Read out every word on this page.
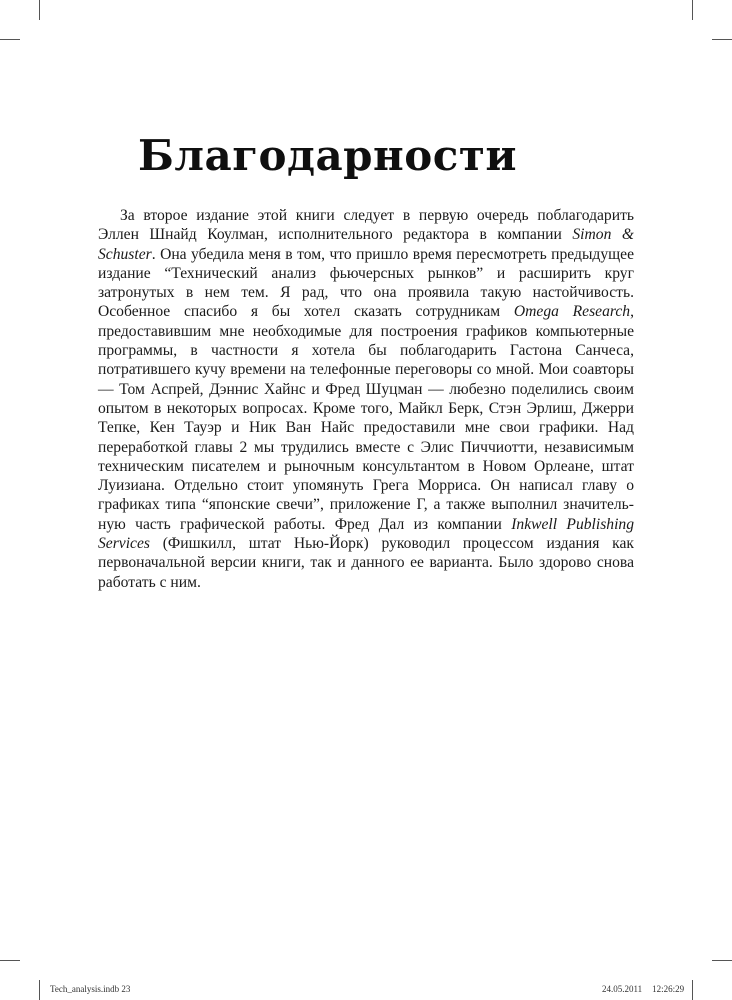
Благодарности

За второе издание этой книги следует в первую очередь поблагодарить Эллен Шнайд Коулман, исполнительного редактора в компании Simon & Schuster. Она убедила меня в том, что пришло время пересмотреть предыдущее издание “Технический анализ фьючерсных рынков” и расширить круг затронутых в нем тем. Я рад, что она проявила такую настойчивость. Особенное спасибо я бы хотел сказать сотрудникам Omega Research, предоставившим мне необходимые для построения графиков компьютерные программы, в частности я хотела бы поблагодарить Гастона Санчеса, потратившего кучу времени на телефонные переговоры со мной. Мои соавторы — Том Аспрей, Дэннис Хайнс и Фред Шуцман — любезно поделились своим опытом в некоторых вопросах. Кроме того, Майкл Берк, Стэн Эрлиш, Джерри Тепке, Кен Тауэр и Ник Ван Найс предоставили мне свои графики. Над переработкой главы 2 мы трудились вместе с Элис Пиччиотти, независимым техническим писателем и рыночным консультантом в Новом Орлеане, штат Луизиана. Отдельно стоит упомянуть Грега Морриса. Он написал главу о графиках типа “японские свечи”, приложение Г, а также выполнил значительную часть графической работы. Фред Дал из компании Inkwell Publishing Services (Фишкилл, штат Нью-Йорк) руководил процессом издания как первоначальной версии книги, так и данного ее варианта. Было здорово снова работать с ним.

Tech_analysis.indb 23	24.05.2011 12:26:29
